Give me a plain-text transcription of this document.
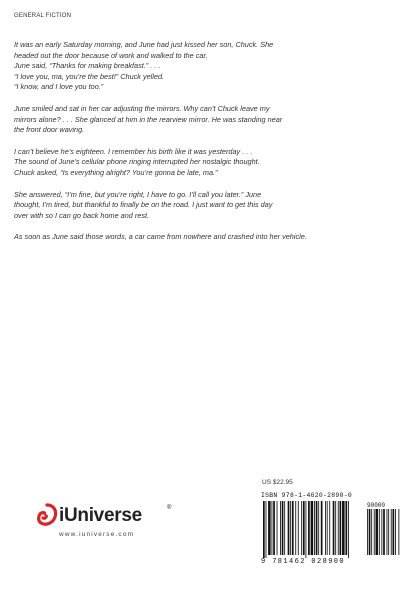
GENERAL FICTION

It was an early Saturday morning, and June had just kissed her son, Chuck. She
headed out the door because of work and walked to the car.
June said, “Thanks for making breakfast.” . . .
“I love you, ma, you’re the best!” Chuck yelled.
“I know, and I love you too.”

June smiled and sat in her car adjusting the mirrors. Why can’t Chuck leave my
mirrors alone? . . . She glanced at him in the rearview mirror. He was standing near
the front door waving.

I can’t believe he’s eighteen. I remember his birth like it was yesterday . . .
The sound of June’s cellular phone ringing interrupted her nostalgic thought.
Chuck asked, “Is everything alright? You’re gonna be late, ma.”

She answered, “I’m fine, but you’re right, I have to go. I’ll call you later.” June
thought, I’m tired, but thankful to finally be on the road. I just want to get this day
over with so I can go back home and rest.

As soon as June said those words, a car came from nowhere and crashed into her vehicle.

iUniverse	®
www.iuniverse.com
US $22.95
ISBN 978-1-4620-2890-0
90000
9 781462 028900
